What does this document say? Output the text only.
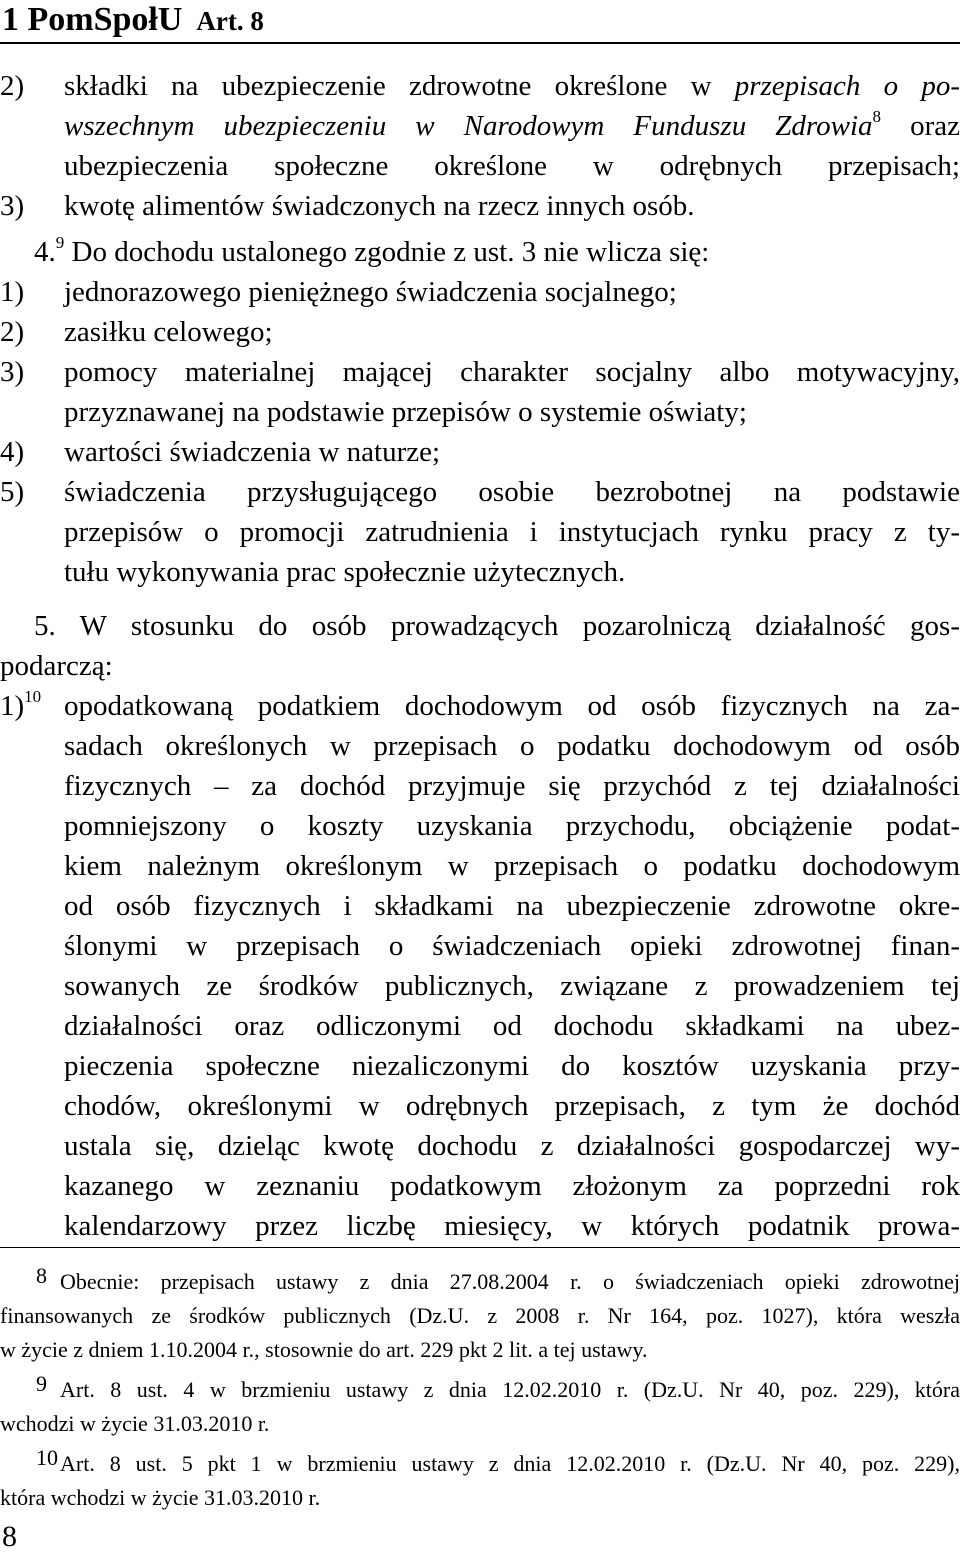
1 PomSpołU Art. 8
2) składki na ubezpieczenie zdrowotne określone w przepisach o po-
wszechnym ubezpieczeniu w Narodowym Funduszu Zdrowia$^8$ oraz
ubezpieczenia społeczne określone w odrębnych przepisach;
3) kwotę alimentów świadczonych na rzecz innych osób.
4.$^9$ Do dochodu ustalonego zgodnie z ust. 3 nie wlicza się:
1) jednorazowego pieniężnego świadczenia socjalnego;
2) zasiłku celowego;
3) pomocy materialnej mającej charakter socjalny albo motywacyjny,
przyznawanej na podstawie przepisów o systemie oświaty;
4) wartości świadczenia w naturze;
5) świadczenia przysługującego osobie bezrobotnej na podstawie
przepisów o promocji zatrudnienia i instytucjach rynku pracy z ty-
tułu wykonywania prac społecznie użytecznych.
5. W stosunku do osób prowadzących pozarolniczą działalność gos-
podarczą:
1)$^{10}$ opodatkowaną podatkiem dochodowym od osób fizycznych na za-
sadach określonych w przepisach o podatku dochodowym od osób
fizycznych – za dochód przyjmuje się przychód z tej działalności
pomniejszony o koszty uzyskania przychodu, obciążenie podat-
kiem należnym określonym w przepisach o podatku dochodowym
od osób fizycznych i składkami na ubezpieczenie zdrowotne okre-
ślonymi w przepisach o świadczeniach opieki zdrowotnej finan-
sowanych ze środków publicznych, związane z prowadzeniem tej
działalności oraz odliczonymi od dochodu składkami na ubez-
pieczenia społeczne niezaliczonymi do kosztów uzyskania przy-
chodów, określonymi w odrębnych przepisach, z tym że dochód
ustala się, dzieląc kwotę dochodu z działalności gospodarczej wy-
kazanego w zeznaniu podatkowym złożonym za poprzedni rok
kalendarzowy przez liczbę miesięcy, w których podatnik prowa-
8 Obecnie: przepisach ustawy z dnia 27.08.2004 r. o świadczeniach opieki zdrowotnej
finansowanych ze środków publicznych (Dz.U. z 2008 r. Nr 164, poz. 1027), która weszła
w życie z dniem 1.10.2004 r., stosownie do art. 229 pkt 2 lit. a tej ustawy.
9 Art. 8 ust. 4 w brzmieniu ustawy z dnia 12.02.2010 r. (Dz.U. Nr 40, poz. 229), która
wchodzi w życie 31.03.2010 r.
10Art. 8 ust. 5 pkt 1 w brzmieniu ustawy z dnia 12.02.2010 r. (Dz.U. Nr 40, poz. 229),
która wchodzi w życie 31.03.2010 r.
8
